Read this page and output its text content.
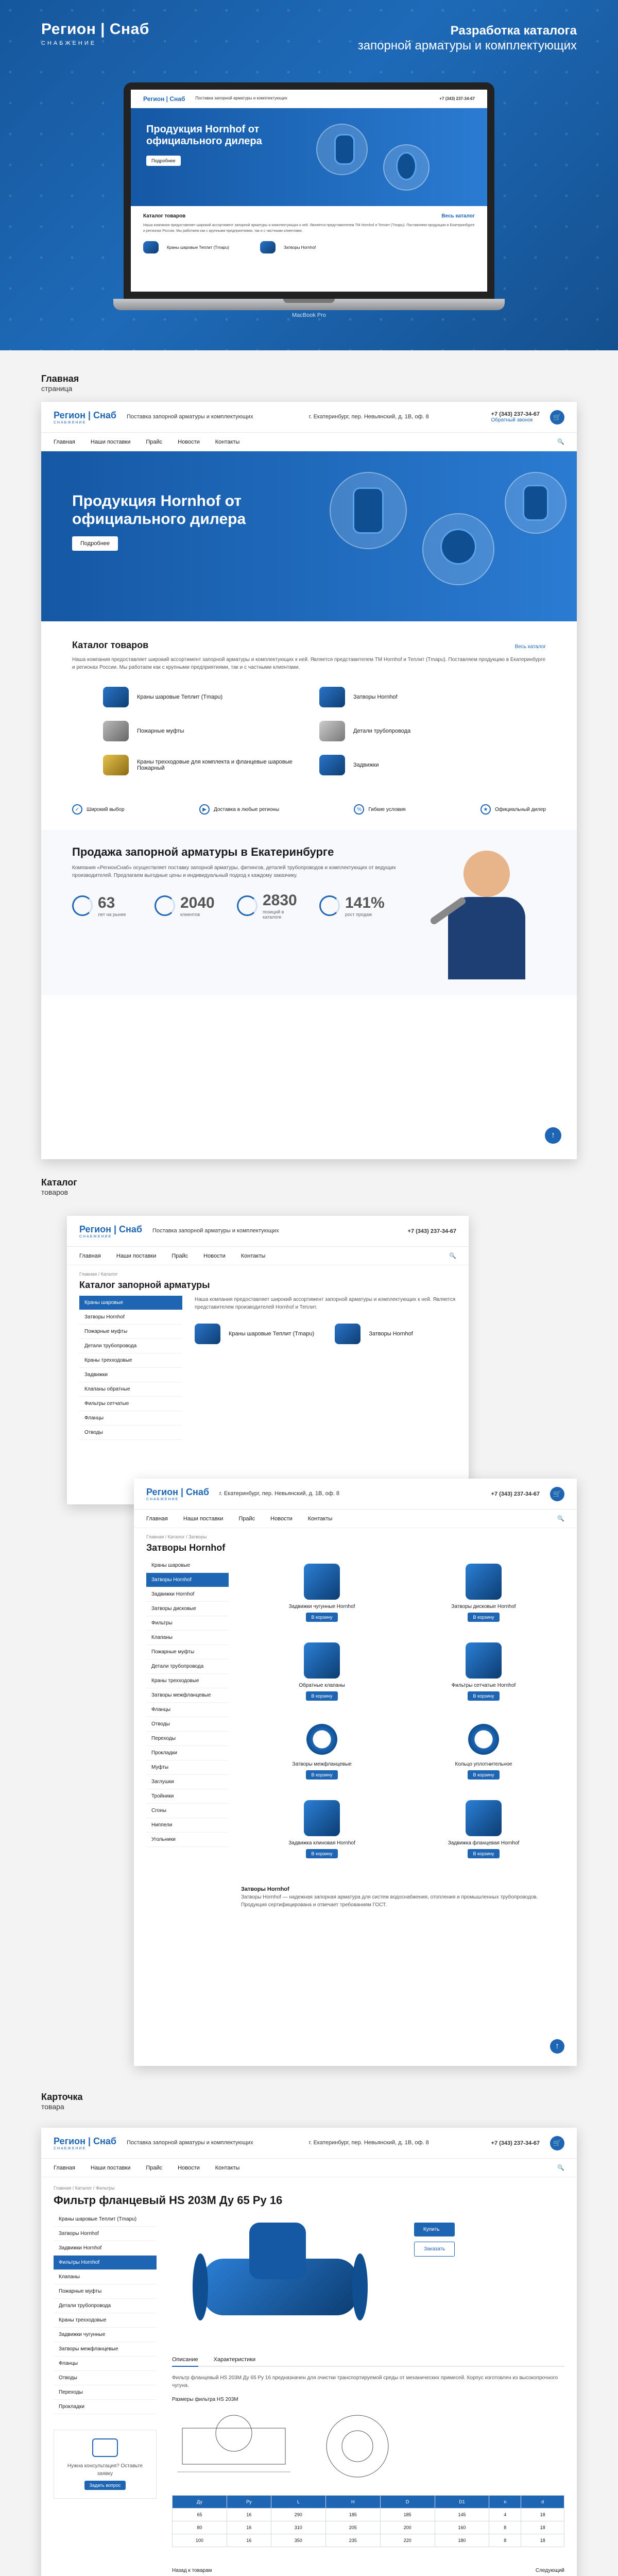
Регион | Снаб
СНАБЖЕНИЕ
Разработка каталога
запорной арматуры и комплектующих
Регион | Снаб	Поставка запорной арматуры и комплектующих	+7 (343) 237-34-67
Продукция Hornhof от официального дилера
Подробнее
Каталог товаров	Весь каталог

Наша компания предоставляет широкий ассортимент запорной арматуры и комплектующих к ней. Является представителем ТМ Hornhof и Теплит (Tmapu). Поставляем продукцию в Екатеринбурге и регионах России. Мы работаем как с крупными предприятиями, так и с частными клиентами.

Краны шаровые Теплит (Tmapu)	Затворы Hornhof
MacBook Pro
Главная
страница
Регион | Снаб
СНАБЖЕНИЕ
Поставка запорной арматуры и комплектующих	г. Екатеринбург, пер. Невьянский, д. 1В, оф. 8	+7 (343) 237-34-67
Обратный звонок	🛒
Главная	Наши поставки	Прайс	Новости	Контакты	🔍
Продукция Hornhof от официального дилера
Подробнее
Каталог товаров	Весь каталог

Наша компания предоставляет широкий ассортимент запорной арматуры и комплектующих к ней. Является представителем ТМ Hornhof и Теплит (Tmapu). Поставляем продукцию в Екатеринбурге и регионах России. Мы работаем как с крупными предприятиями, так и с частными клиентами.

Краны шаровые Теплит (Tmapu)	Затворы Hornhof
Пожарные муфты	Детали трубопровода
Краны трехходовые для комплекта и фланцевые шаровые Пожарный	Задвижки
✓	Широкий выбор	▶	Доставка в любые регионы	%	Гибкие условия	★	Официальный дилер
Продажа запорной арматуры в Екатеринбурге

Компания «РегионСнаб» осуществляет поставку запорной арматуры, фитингов, деталей трубопроводов и комплектующих от ведущих производителей. Предлагаем выгодные цены и индивидуальный подход к каждому заказчику.

63
лет на рынке
2040
клиентов
2830
позиций в каталоге
141%
рост продаж
↑
Каталог
товаров
Регион | Снаб
СНАБЖЕНИЕ
Поставка запорной арматуры и комплектующих	+7 (343) 237-34-67
Главная	Наши поставки	Прайс	Новости	Контакты	🔍
Главная / Каталог
Каталог запорной арматуры
Краны шаровые
Затворы Hornhof
Пожарные муфты
Детали трубопровода
Краны трехходовые
Задвижки
Клапаны обратные
Фильтры сетчатые
Фланцы
Отводы

Наша компания предоставляет широкий ассортимент запорной арматуры и комплектующих к ней. Является представителем производителей Hornhof и Теплит.

Краны шаровые Теплит (Tmapu)	Затворы Hornhof
Регион | Снаб
СНАБЖЕНИЕ
г. Екатеринбург, пер. Невьянский, д. 1В, оф. 8	+7 (343) 237-34-67	🛒
Главная	Наши поставки	Прайс	Новости	Контакты	🔍
Главная / Каталог / Затворы
Затворы Hornhof
Краны шаровые
Затворы Hornhof
Задвижки Hornhof
Затворы дисковые
Фильтры
Клапаны
Пожарные муфты
Детали трубопровода
Краны трехходовые
Затворы межфланцевые
Фланцы
Отводы
Переходы
Прокладки
Муфты
Заглушки
Тройники
Сгоны
Ниппели
Угольники
Задвижки чугунные Hornhof
В корзину
Затворы дисковые Hornhof
В корзину
Обратные клапаны
В корзину
Фильтры сетчатые Hornhof
В корзину
Затворы межфланцевые
В корзину
Кольцо уплотнительное
В корзину
Задвижка клиновая Hornhof
В корзину
Задвижка фланцевая Hornhof
В корзину
Затворы Hornhof

Затворы Hornhof — надежная запорная арматура для систем водоснабжения, отопления и промышленных трубопроводов. Продукция сертифицирована и отвечает требованиям ГОСТ.

↑
Карточка
товара
Регион | Снаб
СНАБЖЕНИЕ
Поставка запорной арматуры и комплектующих	г. Екатеринбург, пер. Невьянский, д. 1В, оф. 8	+7 (343) 237-34-67	🛒
Главная	Наши поставки	Прайс	Новости	Контакты	🔍
Главная / Каталог / Фильтры
Фильтр фланцевый HS 203M Ду 65 Ру 16
Краны шаровые Теплит (Tmapu)
Затворы Hornhof
Задвижки Hornhof
Фильтры Hornhof
Клапаны
Пожарные муфты
Детали трубопровода
Краны трехходовые
Задвижки чугунные
Затворы межфланцевые
Фланцы
Отводы
Переходы
Прокладки
Нужна консультация? Оставьте заявку
Задать вопрос
Купить
Заказать
Описание	Характеристики

Фильтр фланцевый HS 203M Ду 65 Ру 16 предназначен для очистки транспортируемой среды от механических примесей. Корпус изготовлен из высокопрочного чугуна.

Размеры фильтра HS 203M
Ду	Ру	L	H	D	D1	n	d
65	16	290	185	185	145	4	18
80	16	310	205	200	160	8	18
100	16	350	235	220	180	8	18
Назад к товарам	Следующий
